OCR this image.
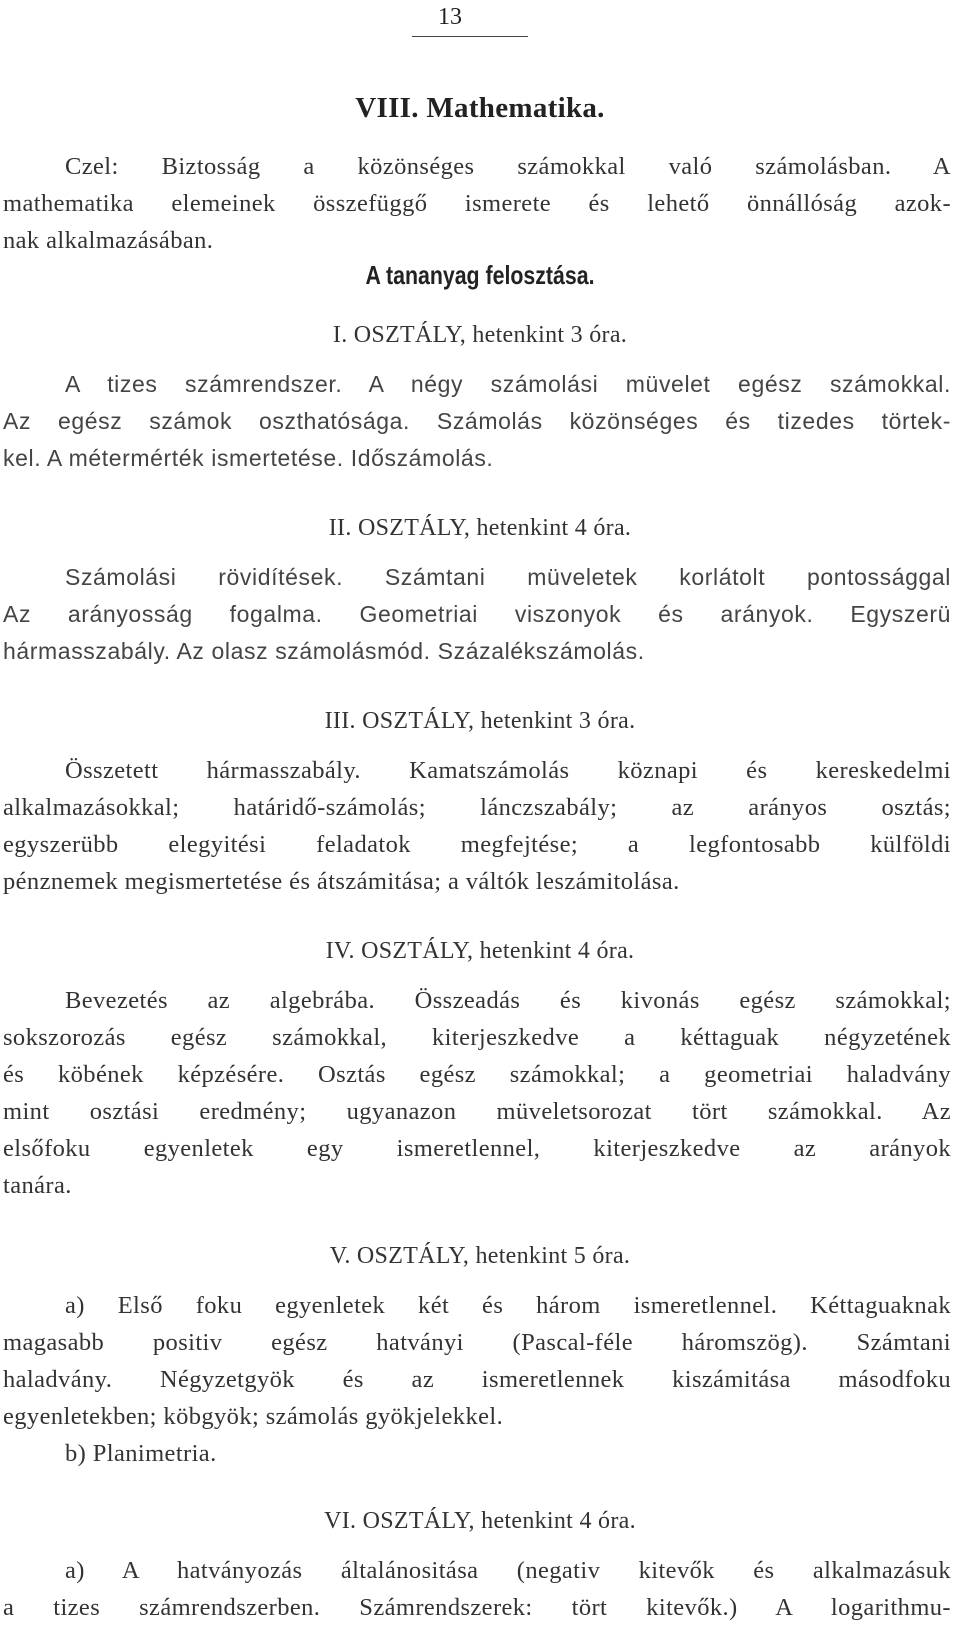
13
VIII. Mathematika.
Czel: Biztosság a közönséges számokkal való számolásban. A
mathematika elemeinek összefüggő ismerete és lehető önnállóság azok-
nak alkalmazásában.
A tananyag felosztása.
I. OSZTÁLY, hetenkint 3 óra.
A tizes számrendszer. A négy számolási müvelet egész számokkal.
Az egész számok oszthatósága. Számolás közönséges és tizedes törtek-
kel. A métermérték ismertetése. Időszámolás.
II. OSZTÁLY, hetenkint 4 óra.
Számolási rövidítések. Számtani müveletek korlátolt pontossággal
Az arányosság fogalma. Geometriai viszonyok és arányok. Egyszerü
hármasszabály. Az olasz számolásmód. Százalékszámolás.
III. OSZTÁLY, hetenkint 3 óra.
Összetett hármasszabály. Kamatszámolás köznapi és kereskedelmi
alkalmazásokkal; határidő-számolás; lánczszabály; az arányos osztás;
egyszerübb elegyitési feladatok megfejtése; a legfontosabb külföldi
pénznemek megismertetése és átszámitása; a váltók leszámitolása.
IV. OSZTÁLY, hetenkint 4 óra.
Bevezetés az algebrába. Összeadás és kivonás egész számokkal;
sokszorozás egész számokkal, kiterjeszkedve a kéttaguak négyzetének
és köbének képzésére. Osztás egész számokkal; a geometriai haladvány
mint osztási eredmény; ugyanazon müveletsorozat tört számokkal. Az
elsőfoku egyenletek egy ismeretlennel, kiterjeszkedve az arányok
tanára.
V. OSZTÁLY, hetenkint 5 óra.
a) Első foku egyenletek két és három ismeretlennel. Kéttaguaknak
magasabb positiv egész hatványi (Pascal-féle háromszög). Számtani
haladvány. Négyzetgyök és az ismeretlennek kiszámitása másodfoku
egyenletekben; köbgyök; számolás gyökjelekkel.
b) Planimetria.
VI. OSZTÁLY, hetenkint 4 óra.
a) A hatványozás általánositása (negativ kitevők és alkalmazásuk
a tizes számrendszerben. Számrendszerek: tört kitevők.) A logarithmu-
